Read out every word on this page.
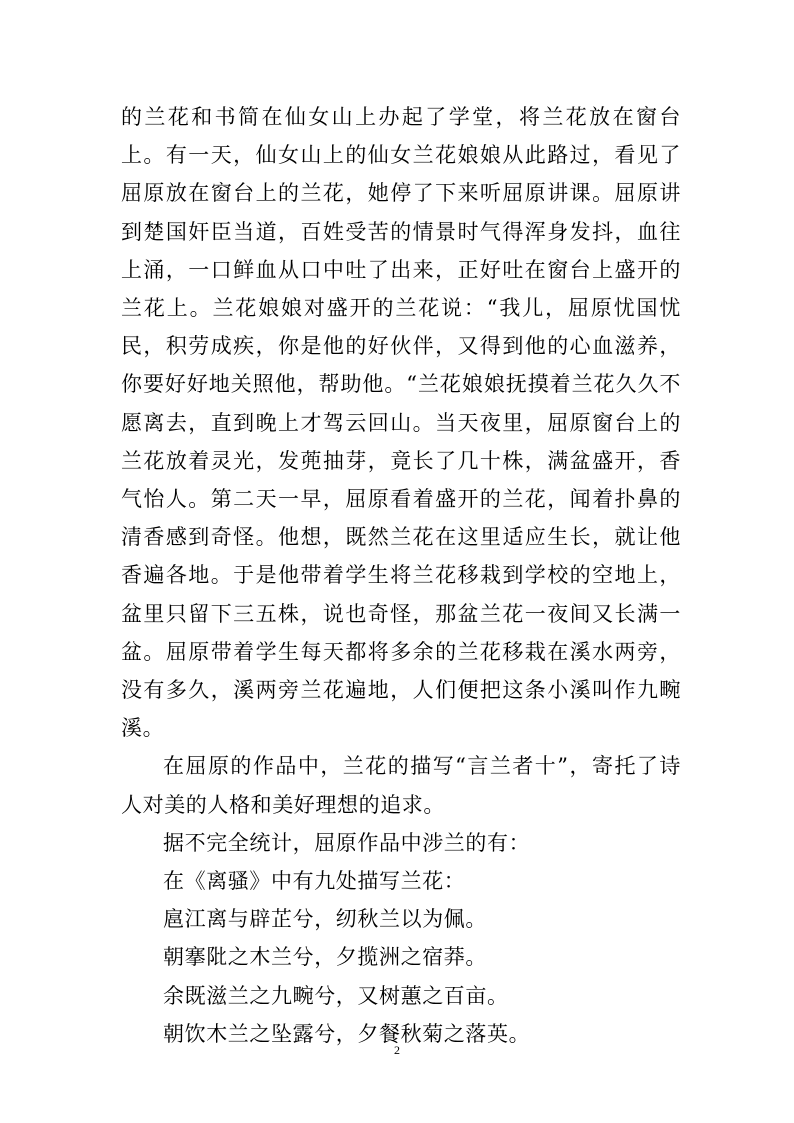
的兰花和书简在仙女山上办起了学堂，将兰花放在窗台上。有一天，仙女山上的仙女兰花娘娘从此路过，看见了屈原放在窗台上的兰花，她停了下来听屈原讲课。屈原讲到楚国奸臣当道，百姓受苦的情景时气得浑身发抖，血往上涌，一口鲜血从口中吐了出来，正好吐在窗台上盛开的兰花上。兰花娘娘对盛开的兰花说：“我儿，屈原忧国忧民，积劳成疾，你是他的好伙伴，又得到他的心血滋养，你要好好地关照他，帮助他。“兰花娘娘抚摸着兰花久久不愿离去，直到晚上才驾云回山。当天夜里，屈原窗台上的兰花放着灵光，发蔸抽芽，竟长了几十株，满盆盛开，香气怡人。第二天一早，屈原看着盛开的兰花，闻着扑鼻的清香感到奇怪。他想，既然兰花在这里适应生长，就让他香遍各地。于是他带着学生将兰花移栽到学校的空地上，盆里只留下三五株，说也奇怪，那盆兰花一夜间又长满一盆。屈原带着学生每天都将多余的兰花移栽在溪水两旁，没有多久，溪两旁兰花遍地，人们便把这条小溪叫作九畹溪。

在屈原的作品中，兰花的描写“言兰者十”，寄托了诗人对美的人格和美好理想的追求。

据不完全统计，屈原作品中涉兰的有：

在《离骚》中有九处描写兰花：

扈江离与辟芷兮，纫秋兰以为佩。

朝搴阰之木兰兮，夕揽洲之宿莽。

余既滋兰之九畹兮，又树蕙之百亩。

朝饮木兰之坠露兮，夕餐秋菊之落英。

2
